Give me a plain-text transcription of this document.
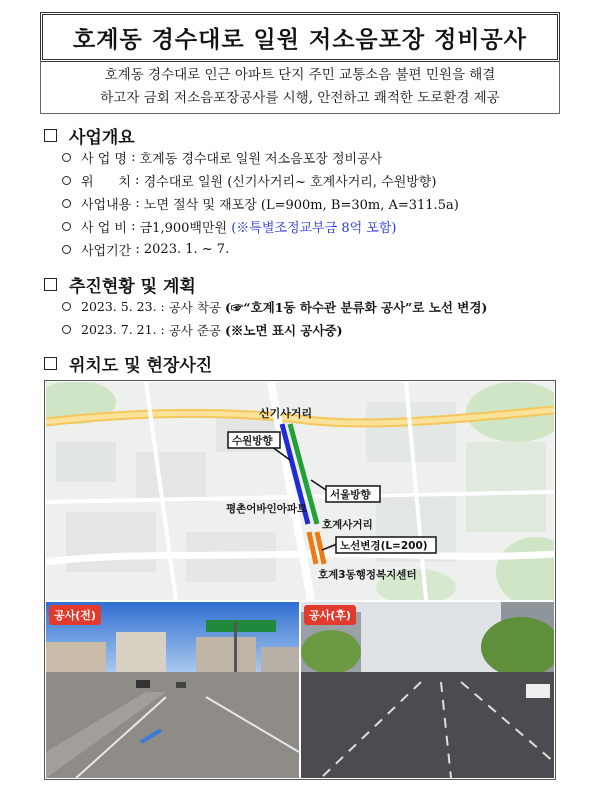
호계동 경수대로 일원 저소음포장 정비공사
호계동 경수대로 인근 아파트 단지 주민 교통소음 불편 민원을 해결
하고자 금회 저소음포장공사를 시행, 안전하고 쾌적한 도로환경 제공
사업개요
사 업 명 : 호계동 경수대로 일원 저소음포장 정비공사
위      치 : 경수대로 일원 (신기사거리~ 호계사거리, 수원방향)
사업내용 : 노면 절삭 및 재포장 (L=900m, B=30m, A=311.5a)
사 업 비 : 금1,900백만원
(※특별조정교부금 8억 포함)
사업기간 : 2023. 1. ~ 7.
추진현황 및 계획
2023. 5. 23. : 공사 착공
(☞“호계1동 하수관 분류화 공사”로 노선 변경)
2023. 7. 21. : 공사 준공
(※노면 표시 공사중)
위치도 및 현장사진
신기사거리
수원방향
서울방향
평촌어바인아파트
호계사거리
노선변경(L=200)
호계3동행정복지센터
공사(전)	공사(후)
